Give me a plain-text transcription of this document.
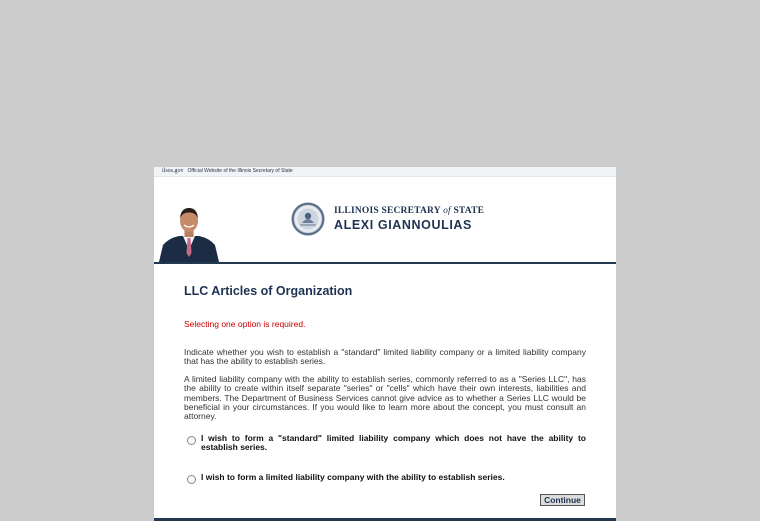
ilsos.gov Official Website of the Illinois Secretary of State
ILLINOIS SECRETARY of STATE
ALEXI GIANNOULIAS
LLC Articles of Organization

Selecting one option is required.

Indicate whether you wish to establish a "standard" limited liability company or a limited liability company that has the ability to establish series.
A limited liability company with the ability to establish series, commonly referred to as a "Series LLC", has the ability to create within itself separate "series" or "cells" which have their own interests, liabilities and members. The Department of Business Services cannot give advice as to whether a Series LLC would be beneficial in your circumstances. If you would like to learn more about the concept, you must consult an attorney.
I wish to form a "standard" limited liability company which does not have the ability to establish series.
I wish to form a limited liability company with the ability to establish series.
Continue
